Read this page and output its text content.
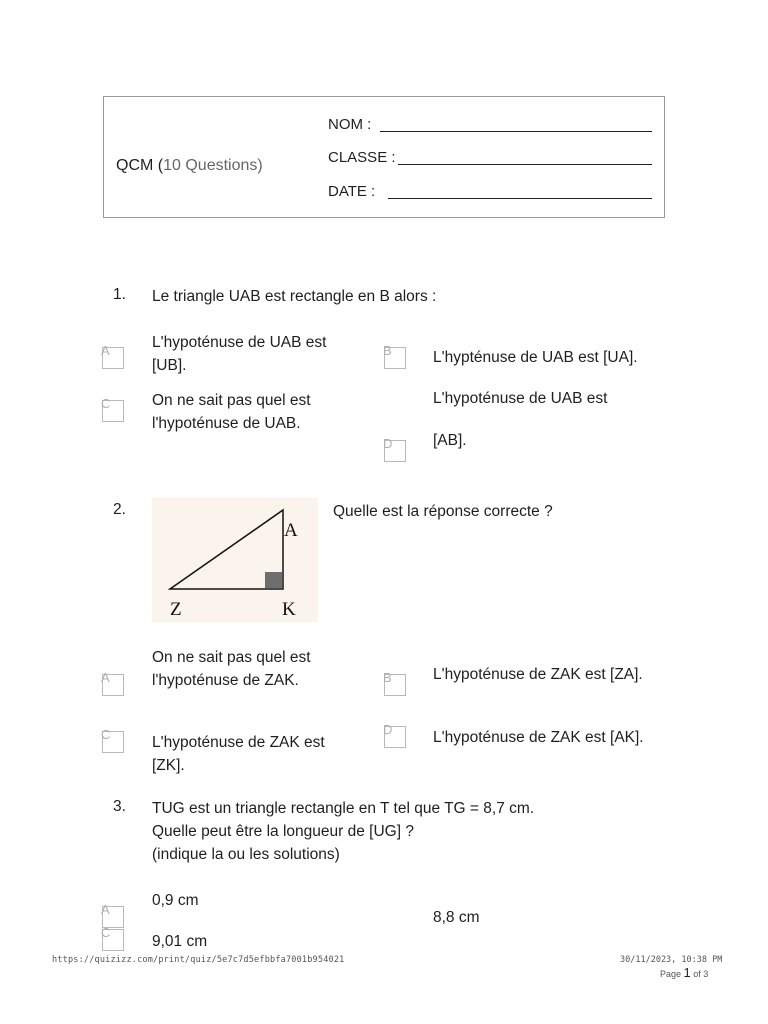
QCM (10 Questions)
NOM :
CLASSE :
DATE :
1. Le triangle UAB est rectangle en B alors :
A	L'hypoténuse de UAB est [UB].
B	L'hypténuse de UAB est [UA].
C	On ne sait pas quel est l'hypoténuse de UAB.
L'hypoténuse de UAB est
D	[AB].
2.
A
Z	K
Quelle est la réponse correcte ?
A
On ne sait pas quel est l'hypoténuse de ZAK.	B	L'hypoténuse de ZAK est [ZA].
C	L'hypoténuse de ZAK est [ZK].
D	L'hypoténuse de ZAK est [AK].
3. TUG est un triangle rectangle en T tel que TG = 8,7 cm. Quelle peut être la longueur de [UG] ?
(indique la ou les solutions)
0,9 cm
A	8,8 cm
C
9,01 cm
https://quizizz.com/print/quiz/5e7c7d5efbbfa7001b954021	30/11/2023, 10:38 PM
Page 1 of 3
